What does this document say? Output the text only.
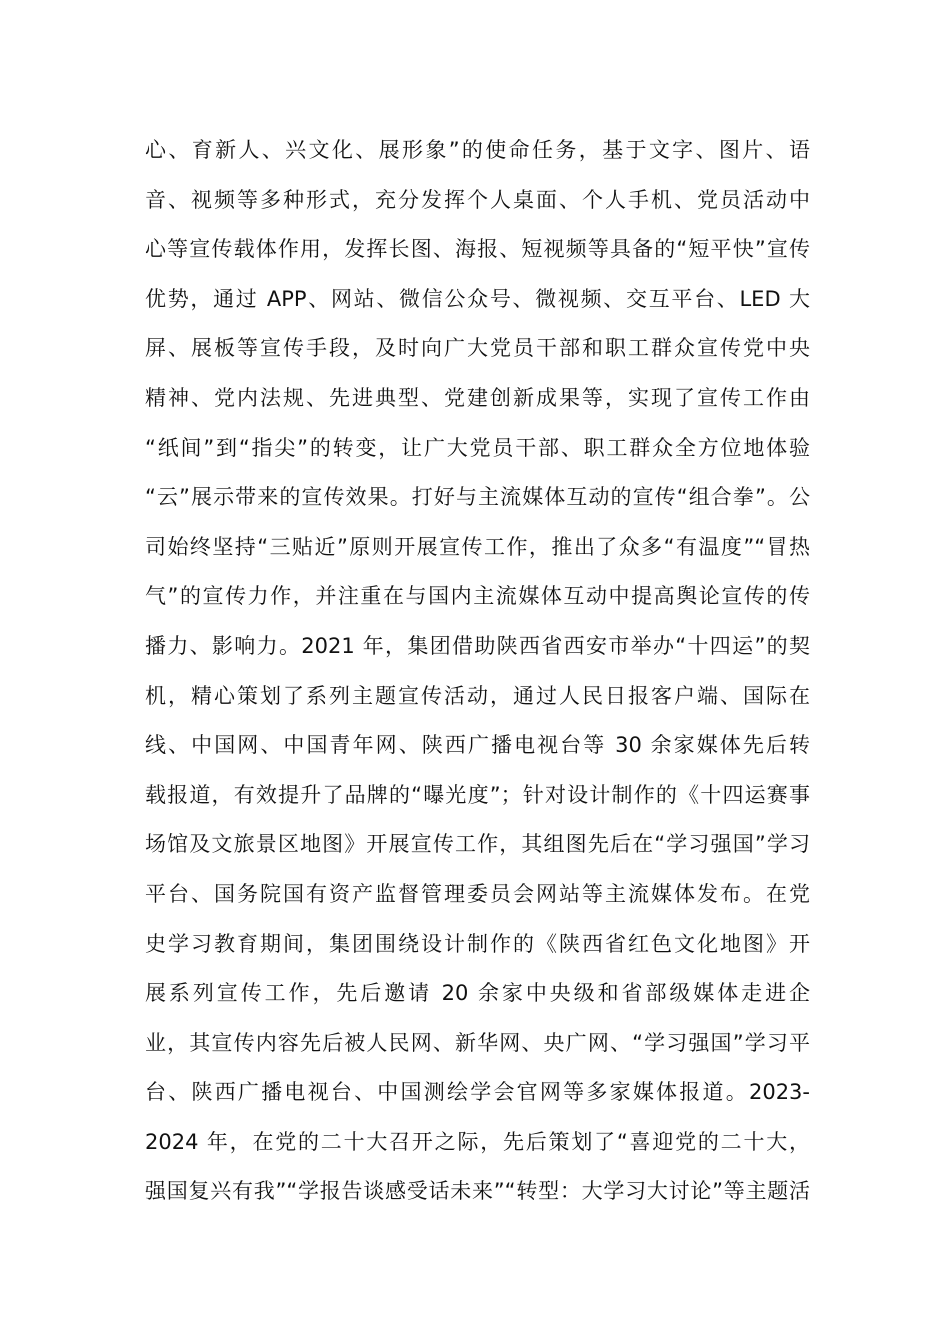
心、育新人、兴文化、展形象”的使命任务，基于文字、图片、语
音、视频等多种形式，充分发挥个人桌面、个人手机、党员活动中
心等宣传载体作用，发挥长图、海报、短视频等具备的“短平快”宣传
优势，通过 APP、网站、微信公众号、微视频、交互平台、LED 大
屏、展板等宣传手段，及时向广大党员干部和职工群众宣传党中央
精神、党内法规、先进典型、党建创新成果等，实现了宣传工作由
“纸间”到“指尖”的转变，让广大党员干部、职工群众全方位地体验
“云”展示带来的宣传效果。打好与主流媒体互动的宣传“组合拳”。公
司始终坚持“三贴近”原则开展宣传工作，推出了众多“有温度”“冒热
气”的宣传力作，并注重在与国内主流媒体互动中提高舆论宣传的传
播力、影响力。2021 年，集团借助陕西省西安市举办“十四运”的契
机，精心策划了系列主题宣传活动，通过人民日报客户端、国际在
线、中国网、中国青年网、陕西广播电视台等 30 余家媒体先后转
载报道，有效提升了品牌的“曝光度”；针对设计制作的《十四运赛事
场馆及文旅景区地图》开展宣传工作，其组图先后在“学习强国”学习
平台、国务院国有资产监督管理委员会网站等主流媒体发布。在党
史学习教育期间，集团围绕设计制作的《陕西省红色文化地图》开
展系列宣传工作，先后邀请 20 余家中央级和省部级媒体走进企
业，其宣传内容先后被人民网、新华网、央广网、“学习强国”学习平
台、陕西广播电视台、中国测绘学会官网等多家媒体报道。2023-
2024 年，在党的二十大召开之际，先后策划了“喜迎党的二十大，
强国复兴有我”“学报告谈感受话未来”“转型：大学习大讨论”等主题活
